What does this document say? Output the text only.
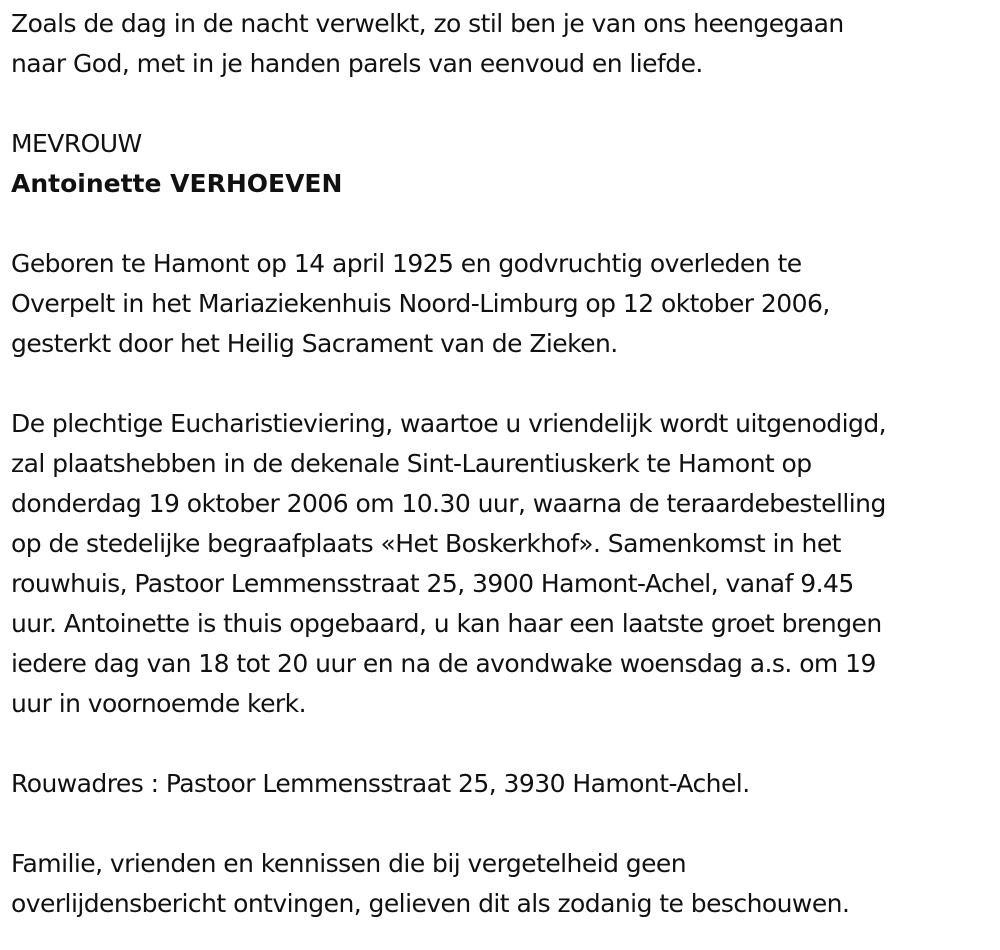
Zoals de dag in de nacht verwelkt, zo stil ben je van ons heengegaan
naar God, met in je handen parels van eenvoud en liefde.

MEVROUW

Antoinette VERHOEVEN

Geboren te Hamont op 14 april 1925 en godvruchtig overleden te
Overpelt in het Mariaziekenhuis Noord-Limburg op 12 oktober 2006,
gesterkt door het Heilig Sacrament van de Zieken.

De plechtige Eucharistieviering, waartoe u vriendelijk wordt uitgenodigd,
zal plaatshebben in de dekenale Sint-Laurentiuskerk te Hamont op
donderdag 19 oktober 2006 om 10.30 uur, waarna de teraardebestelling
op de stedelijke begraafplaats «Het Boskerkhof». Samenkomst in het
rouwhuis, Pastoor Lemmensstraat 25, 3900 Hamont-Achel, vanaf 9.45
uur. Antoinette is thuis opgebaard, u kan haar een laatste groet brengen
iedere dag van 18 tot 20 uur en na de avondwake woensdag a.s. om 19
uur in voornoemde kerk.

Rouwadres : Pastoor Lemmensstraat 25, 3930 Hamont-Achel.

Familie, vrienden en kennissen die bij vergetelheid geen
overlijdensbericht ontvingen, gelieven dit als zodanig te beschouwen.
